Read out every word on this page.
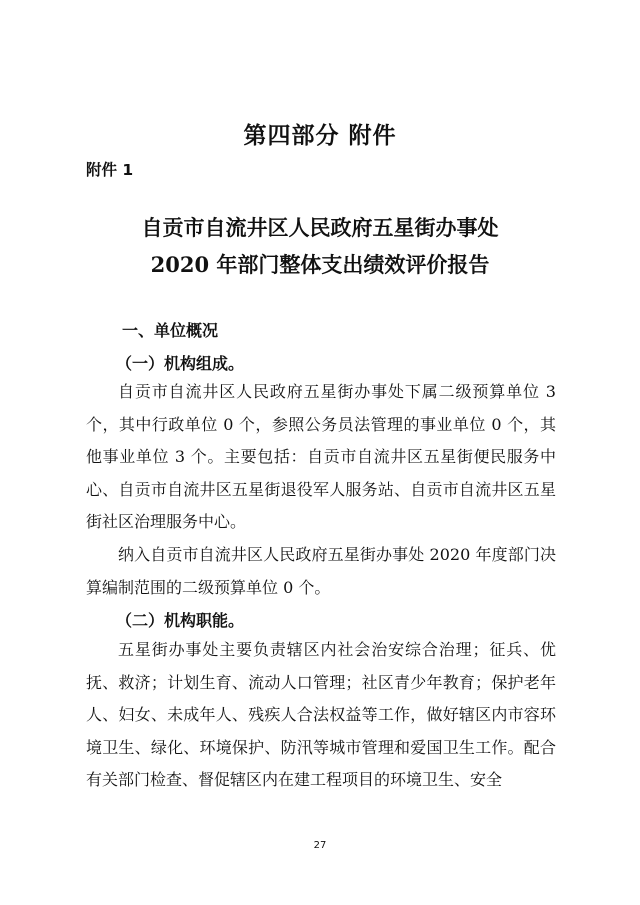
第四部分 附件
附件 1
自贡市自流井区人民政府五星街办事处
2020 年部门整体支出绩效评价报告
一、单位概况
（一）机构组成。
自贡市自流井区人民政府五星街办事处下属二级预算单位 3 个，其中行政单位 0 个，参照公务员法管理的事业单位 0 个，其他事业单位 3 个。主要包括：自贡市自流井区五星街便民服务中心、自贡市自流井区五星街退役军人服务站、自贡市自流井区五星街社区治理服务中心。
纳入自贡市自流井区人民政府五星街办事处 2020 年度部门决算编制范围的二级预算单位 0 个。
（二）机构职能。
五星街办事处主要负责辖区内社会治安综合治理；征兵、优抚、救济；计划生育、流动人口管理；社区青少年教育；保护老年人、妇女、未成年人、残疾人合法权益等工作，做好辖区内市容环境卫生、绿化、环境保护、防汛等城市管理和爱国卫生工作。配合有关部门检查、督促辖区内在建工程项目的环境卫生、安全
27
